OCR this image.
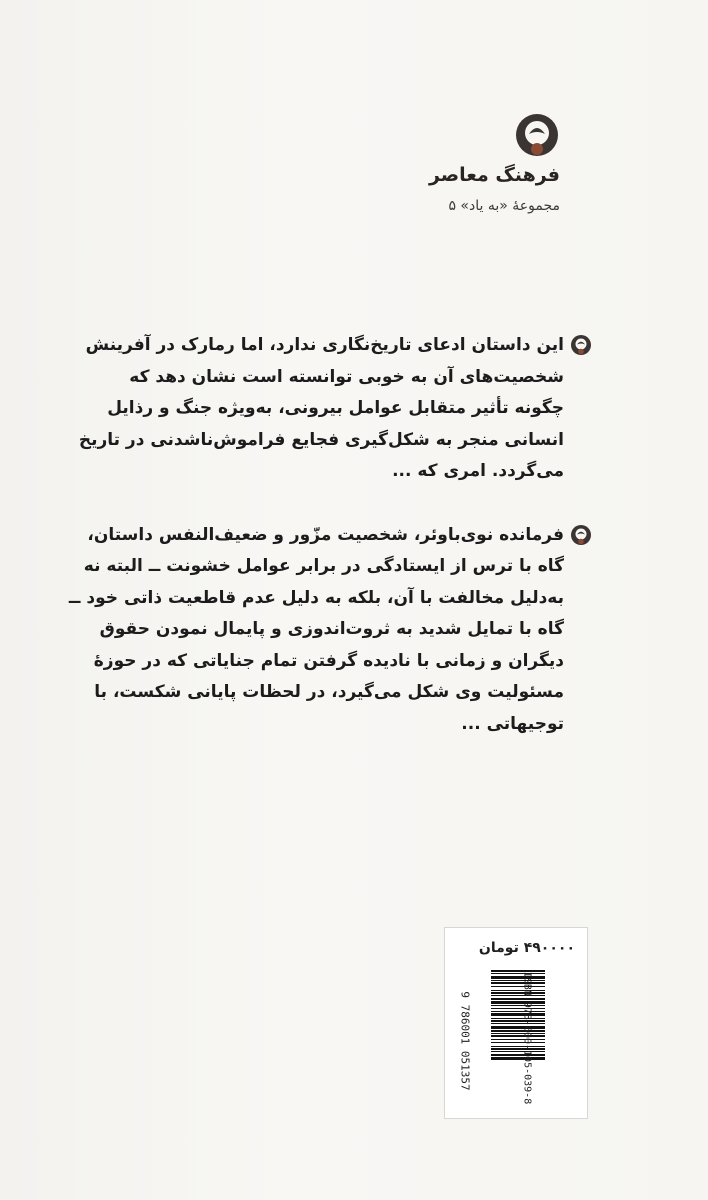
فرهنگ معاصر
مجموعۀ «به یاد» ۵
این داستان ادعای تاریخ‌نگاری ندارد، اما رمارک در آفرینش
شخصیت‌های آن به خوبی توانسته است نشان دهد که
چگونه تأثیر متقابل عوامل بیرونی، به‌ویژه جنگ و رذایل
انسانی منجر به شکل‌گیری فجایع فراموش‌ناشدنی در تاریخ
می‌گردد. امری که ...
فرمانده نوی‌باوئر، شخصیت مزّور و ضعیف‌النفس داستان،
گاه با ترس از ایستادگی در برابر عوامل خشونت ــ البته نه
به‌دلیل مخالفت با آن، بلکه به دلیل عدم قاطعیت ذاتی خود ــ
گاه با تمایل شدید به ثروت‌اندوزی و پایمال نمودن حقوق
دیگران و زمانی با نادیده گرفتن تمام جنایاتی که در حوزۀ
مسئولیت وی شکل می‌گیرد، در لحظات پایانی شکست، با
توجیهاتی ...
۴۹۰۰۰۰ تومان
ISBN 978-600-105-039-8
9 786001 051357
